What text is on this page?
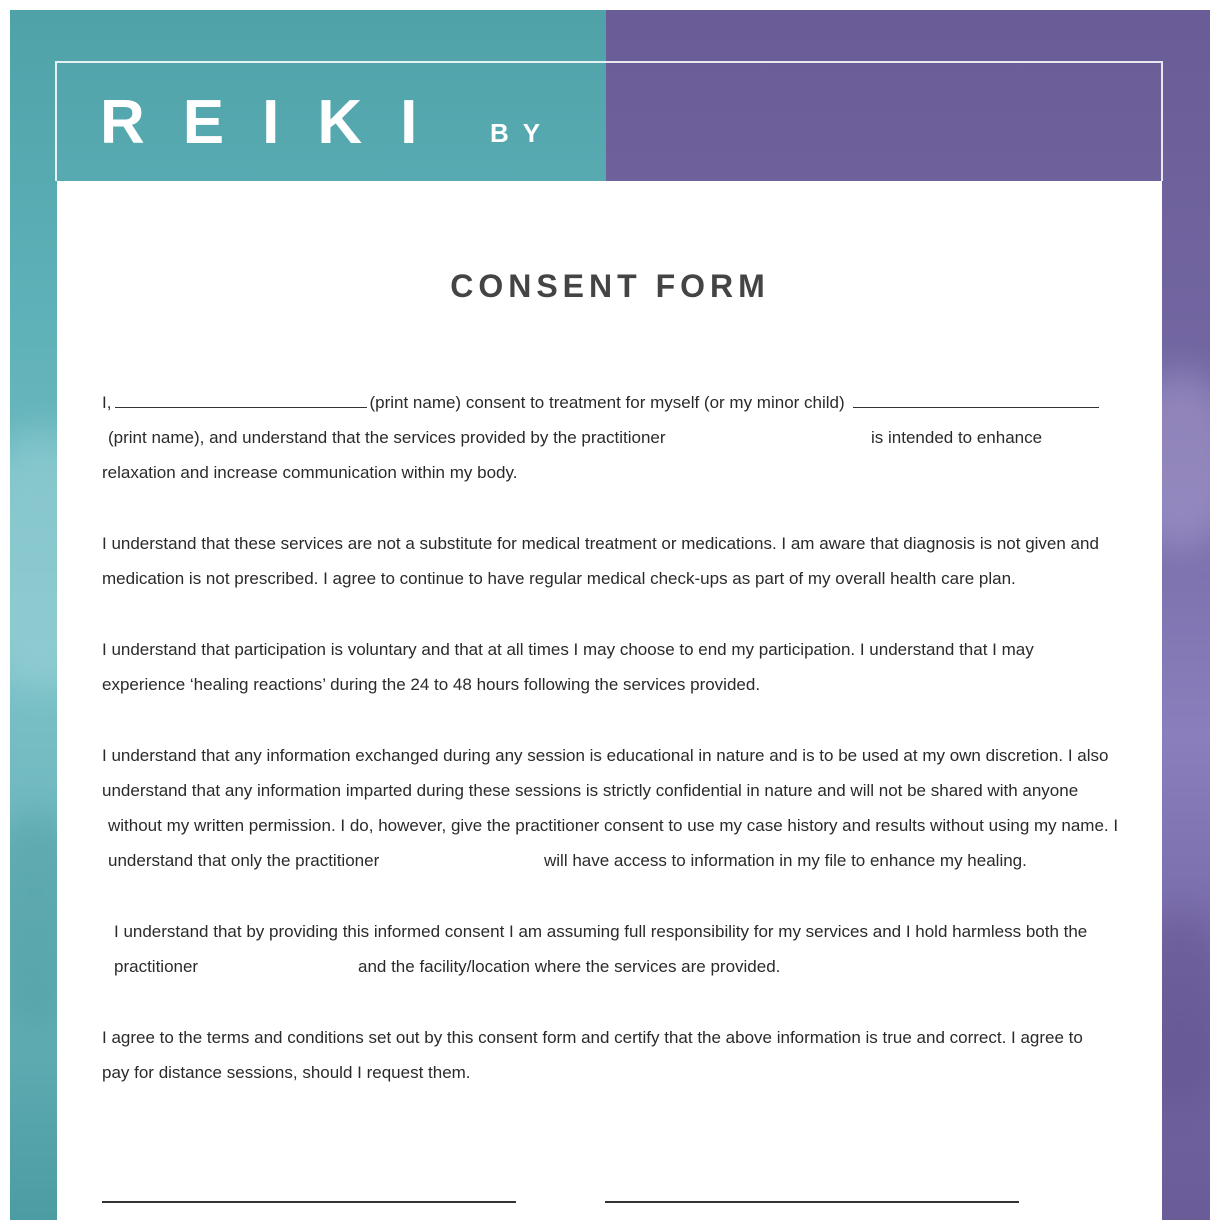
REIKI BY
CONSENT FORM
I,	(print name) consent to treatment for myself (or my minor child)
(print name), and understand that the services provided by the practitioner	is intended to enhance
relaxation and increase communication within my body.
I understand that these services are not a substitute for medical treatment or medications. I am aware that diagnosis is not given and
medication is not prescribed. I agree to continue to have regular medical check-ups as part of my overall health care plan.
I understand that participation is voluntary and that at all times I may choose to end my participation. I understand that I may
experience ‘healing reactions’ during the 24 to 48 hours following the services provided.
I understand that any information exchanged during any session is educational in nature and is to be used at my own discretion. I also
understand that any information imparted during these sessions is strictly confidential in nature and will not be shared with anyone
without my written permission. I do, however, give the practitioner consent to use my case history and results without using my name. I
understand that only the practitioner	will have access to information in my file to enhance my healing.
I understand that by providing this informed consent I am assuming full responsibility for my services and I hold harmless both the
practitioner	and the facility/location where the services are provided.
I agree to the terms and conditions set out by this consent form and certify that the above information is true and correct. I agree to
pay for distance sessions, should I request them.
